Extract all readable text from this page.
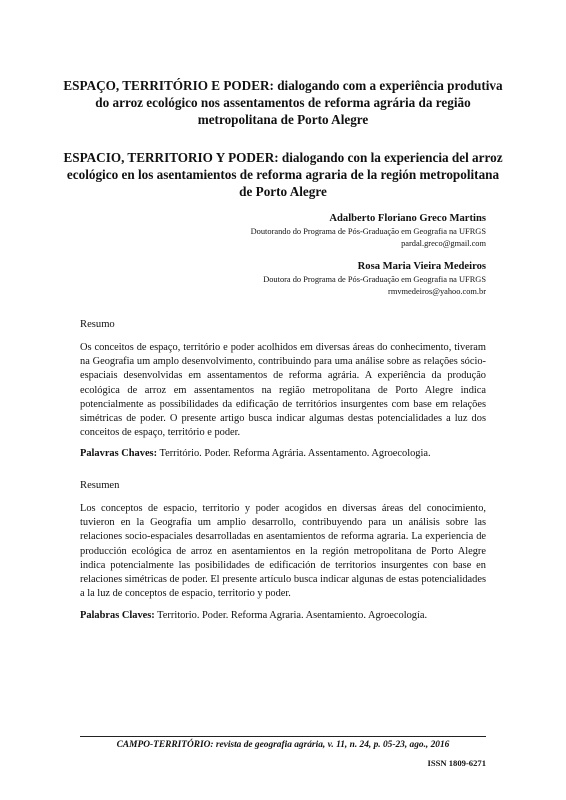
ESPAÇO, TERRITÓRIO E PODER: dialogando com a experiência produtiva do arroz ecológico nos assentamentos de reforma agrária da região metropolitana de Porto Alegre
ESPACIO, TERRITORIO Y PODER: dialogando con la experiencia del arroz ecológico en los asentamientos de reforma agraria de la región metropolitana de Porto Alegre
Adalberto Floriano Greco Martins
Doutorando do Programa de Pós-Graduação em Geografia na UFRGS
pardal.greco@gmail.com
Rosa Maria Vieira Medeiros
Doutora do Programa de Pós-Graduação em Geografia na UFRGS
rmvmedeiros@yahoo.com.br
Resumo

Os conceitos de espaço, território e poder acolhidos em diversas áreas do conhecimento, tiveram na Geografia um amplo desenvolvimento, contribuindo para uma análise sobre as relações sócio-espaciais desenvolvidas em assentamentos de reforma agrária. A experiência da produção ecológica de arroz em assentamentos na região metropolitana de Porto Alegre indica potencialmente as possibilidades da edificação de territórios insurgentes com base em relações simétricas de poder. O presente artigo busca indicar algumas destas potencialidades a luz dos conceitos de espaço, território e poder.

Palavras Chaves: Território. Poder. Reforma Agrária. Assentamento. Agroecologia.
Resumen

Los conceptos de espacio, territorio y poder acogidos en diversas áreas del conocimiento, tuvieron en la Geografía um amplio desarrollo, contribuyendo para un análisis sobre las relaciones socio-espaciales desarrolladas en asentamientos de reforma agraria. La experiencia de producción ecológica de arroz en asentamientos en la región metropolitana de Porto Alegre indica potencialmente las posibilidades de edificación de territorios insurgentes con base en relaciones simétricas de poder. El presente artículo busca indicar algunas de estas potencialidades a la luz de conceptos de espacio, territorio y poder.

Palabras Claves: Territorio. Poder. Reforma Agraria. Asentamiento. Agroecología.
CAMPO-TERRITÓRIO: revista de geografia agrária, v. 11, n. 24, p. 05-23, ago., 2016
ISSN 1809-6271
